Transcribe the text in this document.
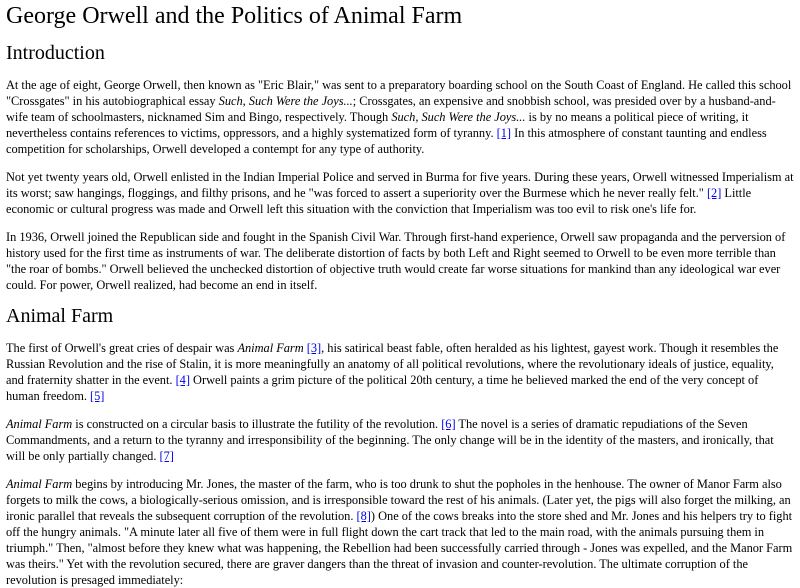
George Orwell and the Politics of Animal Farm
Introduction

At the age of eight, George Orwell, then known as "Eric Blair," was sent to a preparatory boarding school on the South Coast of England. He called this school "Crossgates" in his autobiographical essay Such, Such Were the Joys...; Crossgates, an expensive and snobbish school, was presided over by a husband-and-wife team of schoolmasters, nicknamed Sim and Bingo, respectively. Though Such, Such Were the Joys... is by no means a political piece of writing, it nevertheless contains references to victims, oppressors, and a highly systematized form of tyranny. [1] In this atmosphere of constant taunting and endless competition for scholarships, Orwell developed a contempt for any type of authority.

Not yet twenty years old, Orwell enlisted in the Indian Imperial Police and served in Burma for five years. During these years, Orwell witnessed Imperialism at its worst; saw hangings, floggings, and filthy prisons, and he "was forced to assert a superiority over the Burmese which he never really felt." [2] Little economic or cultural progress was made and Orwell left this situation with the conviction that Imperialism was too evil to risk one's life for.

In 1936, Orwell joined the Republican side and fought in the Spanish Civil War. Through first-hand experience, Orwell saw propaganda and the perversion of history used for the first time as instruments of war. The deliberate distortion of facts by both Left and Right seemed to Orwell to be even more terrible than "the roar of bombs." Orwell believed the unchecked distortion of objective truth would create far worse situations for mankind than any ideological war ever could. For power, Orwell realized, had become an end in itself.

Animal Farm

The first of Orwell's great cries of despair was Animal Farm [3], his satirical beast fable, often heralded as his lightest, gayest work. Though it resembles the Russian Revolution and the rise of Stalin, it is more meaningfully an anatomy of all political revolutions, where the revolutionary ideals of justice, equality, and fraternity shatter in the event. [4] Orwell paints a grim picture of the political 20th century, a time he believed marked the end of the very concept of human freedom. [5]

Animal Farm is constructed on a circular basis to illustrate the futility of the revolution. [6] The novel is a series of dramatic repudiations of the Seven Commandments, and a return to the tyranny and irresponsibility of the beginning. The only change will be in the identity of the masters, and ironically, that will be only partially changed. [7]

Animal Farm begins by introducing Mr. Jones, the master of the farm, who is too drunk to shut the popholes in the henhouse. The owner of Manor Farm also forgets to milk the cows, a biologically-serious omission, and is irresponsible toward the rest of his animals. (Later yet, the pigs will also forget the milking, an ironic parallel that reveals the subsequent corruption of the revolution. [8]) One of the cows breaks into the store shed and Mr. Jones and his helpers try to fight off the hungry animals. "A minute later all five of them were in full flight down the cart track that led to the main road, with the animals pursuing them in triumph." Then, "almost before they knew what was happening, the Rebellion had been successfully carried through - Jones was expelled, and the Manor Farm was theirs." Yet with the revolution secured, there are graver dangers than the threat of invasion and counter-revolution. The ultimate corruption of the revolution is presaged immediately:
